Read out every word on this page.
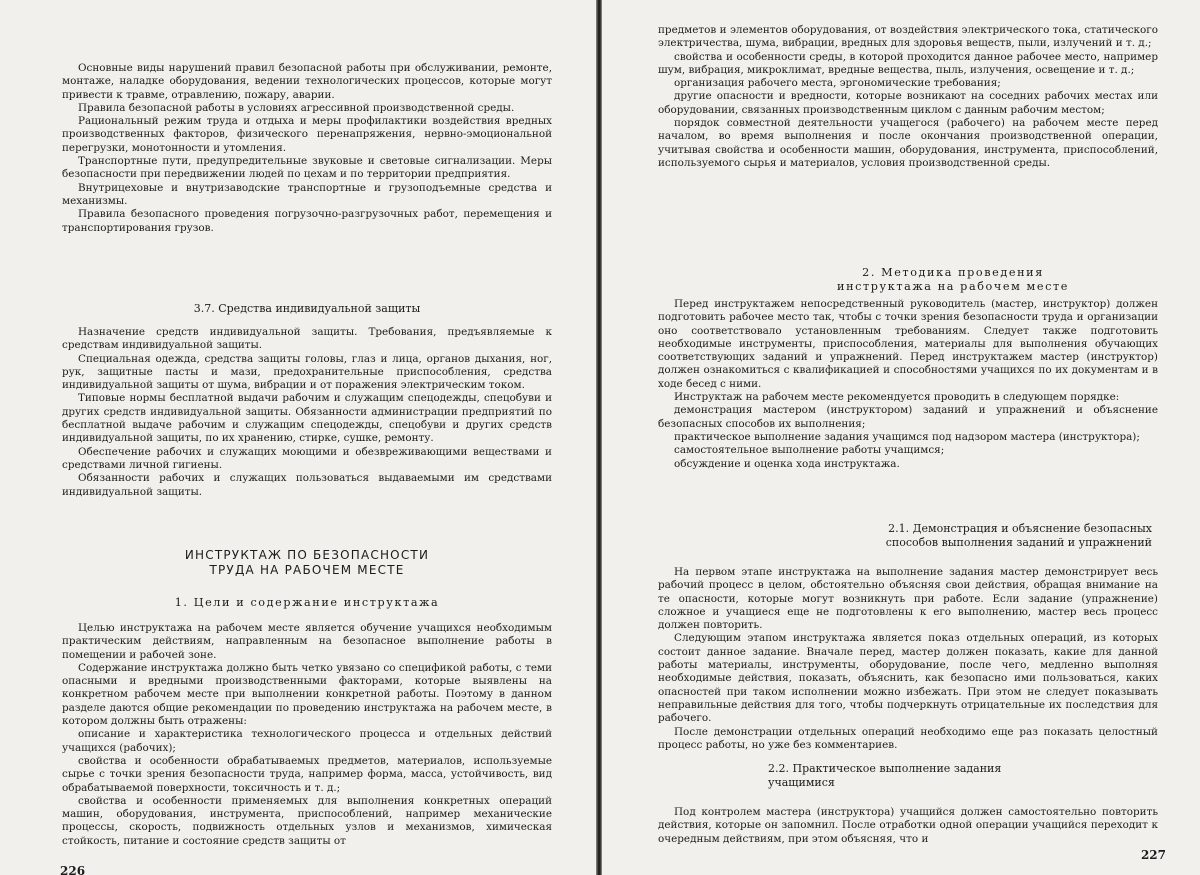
Основные виды нарушений правил безопасной работы при обслуживании, ремонте, монтаже, наладке оборудования, ведении технологических процессов, которые могут привести к травме, отравлению, пожару, аварии.

Правила безопасной работы в условиях агрессивной производственной среды.

Рациональный режим труда и отдыха и меры профилактики воздействия вредных производственных факторов, физического перенапряжения, нервно-эмоциональной перегрузки, монотонности и утомления.

Транспортные пути, предупредительные звуковые и световые сигнализации. Меры безопасности при передвижении людей по цехам и по территории предприятия.

Внутрицеховые и внутризаводские транспортные и грузоподъемные средства и механизмы.

Правила безопасного проведения погрузочно-разгрузочных работ, перемещения и транспортирования грузов.

3.7. Средства индивидуальной защиты

Назначение средств индивидуальной защиты. Требования, предъявляемые к средствам индивидуальной защиты.

Специальная одежда, средства защиты головы, глаз и лица, органов дыхания, ног, рук, защитные пасты и мази, предохранительные приспособления, средства индивидуальной защиты от шума, вибрации и от поражения электрическим током.

Типовые нормы бесплатной выдачи рабочим и служащим спецодежды, спецобуви и других средств индивидуальной защиты. Обязанности администрации предприятий по бесплатной выдаче рабочим и служащим спецодежды, спецобуви и других средств индивидуальной защиты, по их хранению, стирке, сушке, ремонту.

Обеспечение рабочих и служащих моющими и обезвреживающими веществами и средствами личной гигиены.

Обязанности рабочих и служащих пользоваться выдаваемыми им средствами индивидуальной защиты.

ИНСТРУКТАЖ ПО БЕЗОПАСНОСТИ

ТРУДА НА РАБОЧЕМ МЕСТЕ

1. Цели и содержание инструктажа

Целью инструктажа на рабочем месте является обучение учащихся необходимым практическим действиям, направленным на безопасное выполнение работы в помещении и рабочей зоне.

Содержание инструктажа должно быть четко увязано со спецификой работы, с теми опасными и вредными производственными факторами, которые выявлены на конкретном рабочем месте при выполнении конкретной работы. Поэтому в данном разделе даются общие рекомендации по проведению инструктажа на рабочем месте, в котором должны быть отражены:

описание и характеристика технологического процесса и отдельных действий учащихся (рабочих);

свойства и особенности обрабатываемых предметов, материалов, используемые сырье с точки зрения безопасности труда, например форма, масса, устойчивость, вид обрабатываемой поверхности, токсичность и т. д.;

свойства и особенности применяемых для выполнения конкретных операций машин, оборудования, инструмента, приспособлений, например механические процессы, скорость, подвижность отдельных узлов и механизмов, химическая стойкость, питание и состояние средств защиты от

226

предметов и элементов оборудования, от воздействия электрического тока, статического электричества, шума, вибрации, вредных для здоровья веществ, пыли, излучений и т. д.;

свойства и особенности среды, в которой проходится данное рабочее место, например шум, вибрация, микроклимат, вредные вещества, пыль, излучения, освещение и т. д.;

организация рабочего места, эргономические требования;

другие опасности и вредности, которые возникают на соседних рабочих местах или оборудовании, связанных производственным циклом с данным рабочим местом;

порядок совместной деятельности учащегося (рабочего) на рабочем месте перед началом, во время выполнения и после окончания производственной операции, учитывая свойства и особенности машин, оборудования, инструмента, приспособлений, используемого сырья и материалов, условия производственной среды.

2. Методика проведения

инструктажа на рабочем месте

Перед инструктажем непосредственный руководитель (мастер, инструктор) должен подготовить рабочее место так, чтобы с точки зрения безопасности труда и организации оно соответствовало установленным требованиям. Следует также подготовить необходимые инструменты, приспособления, материалы для выполнения обучающих соответствующих заданий и упражнений. Перед инструктажем мастер (инструктор) должен ознакомиться с квалификацией и способностями учащихся по их документам и в ходе бесед с ними.

Инструктаж на рабочем месте рекомендуется проводить в следующем порядке:

демонстрация мастером (инструктором) заданий и упражнений и объяснение безопасных способов их выполнения;

практическое выполнение задания учащимся под надзором мастера (инструктора);

самостоятельное выполнение работы учащимся;

обсуждение и оценка хода инструктажа.

2.1. Демонстрация и объяснение безопасных

способов выполнения заданий и упражнений

На первом этапе инструктажа на выполнение задания мастер демонстрирует весь рабочий процесс в целом, обстоятельно объясняя свои действия, обращая внимание на те опасности, которые могут возникнуть при работе. Если задание (упражнение) сложное и учащиеся еще не подготовлены к его выполнению, мастер весь процесс должен повторить.

Следующим этапом инструктажа является показ отдельных операций, из которых состоит данное задание. Вначале перед, мастер должен показать, какие для данной работы материалы, инструменты, оборудование, после чего, медленно выполняя необходимые действия, показать, объяснить, как безопасно ими пользоваться, каких опасностей при таком исполнении можно избежать. При этом не следует показывать неправильные действия для того, чтобы подчеркнуть отрицательные их последствия для рабочего.

После демонстрации отдельных операций необходимо еще раз показать целостный процесс работы, но уже без комментариев.

2.2. Практическое выполнение задания

учащимися

Под контролем мастера (инструктора) учащийся должен самостоятельно повторить действия, которые он запомнил. После отработки одной операции учащийся переходит к очередным действиям, при этом объясняя, что и

227
